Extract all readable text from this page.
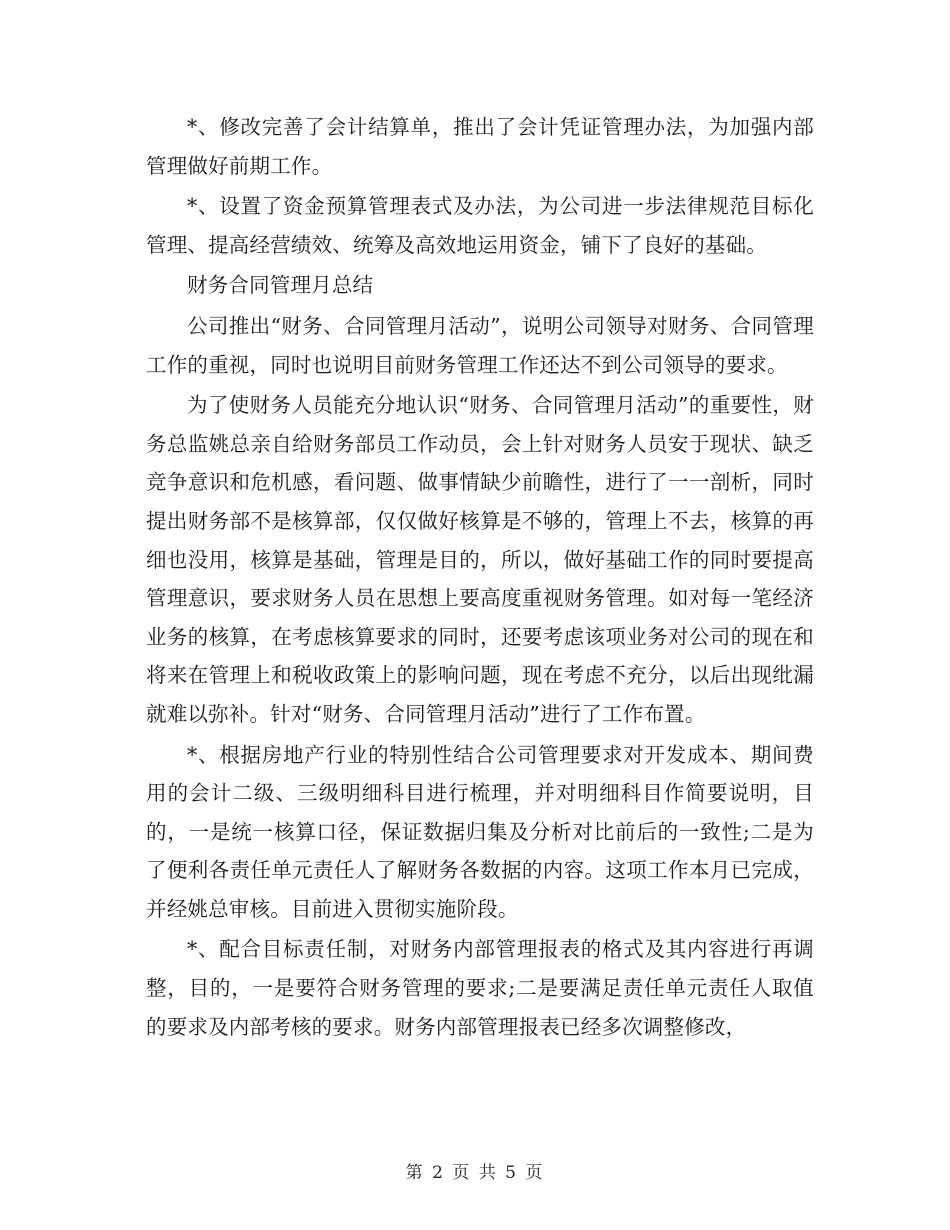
*、修改完善了会计结算单，推出了会计凭证管理办法，为加强内部管理做好前期工作。

*、设置了资金预算管理表式及办法，为公司进一步法律规范目标化管理、提高经营绩效、统筹及高效地运用资金，铺下了良好的基础。

财务合同管理月总结

公司推出“财务、合同管理月活动”，说明公司领导对财务、合同管理工作的重视，同时也说明目前财务管理工作还达不到公司领导的要求。

为了使财务人员能充分地认识“财务、合同管理月活动”的重要性，财务总监姚总亲自给财务部员工作动员，会上针对财务人员安于现状、缺乏竞争意识和危机感，看问题、做事情缺少前瞻性，进行了一一剖析，同时提出财务部不是核算部，仅仅做好核算是不够的，管理上不去，核算的再细也没用，核算是基础，管理是目的，所以，做好基础工作的同时要提高管理意识，要求财务人员在思想上要高度重视财务管理。如对每一笔经济业务的核算，在考虑核算要求的同时，还要考虑该项业务对公司的现在和将来在管理上和税收政策上的影响问题，现在考虑不充分，以后出现纰漏就难以弥补。针对“财务、合同管理月活动”进行了工作布置。

*、根据房地产行业的特别性结合公司管理要求对开发成本、期间费用的会计二级、三级明细科目进行梳理，并对明细科目作简要说明，目的，一是统一核算口径，保证数据归集及分析对比前后的一致性;二是为了便利各责任单元责任人了解财务各数据的内容。这项工作本月已完成，并经姚总审核。目前进入贯彻实施阶段。

*、配合目标责任制，对财务内部管理报表的格式及其内容进行再调整，目的，一是要符合财务管理的要求;二是要满足责任单元责任人取值的要求及内部考核的要求。财务内部管理报表已经多次调整修改，

第 2 页 共 5 页
